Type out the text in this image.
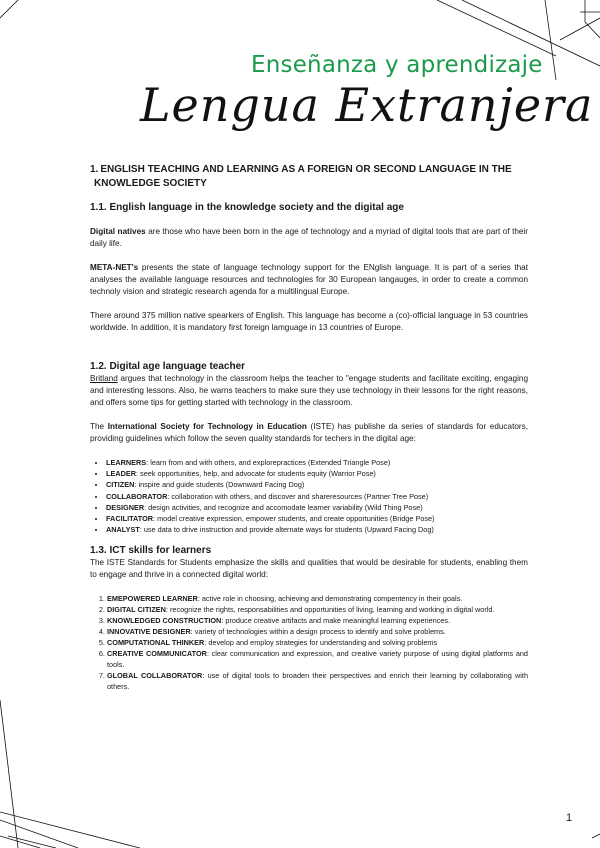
Enseñanza y aprendizaje
Lengua Extranjera
1. ENGLISH TEACHING AND LEARNING AS A FOREIGN OR SECOND LANGUAGE IN THE
KNOWLEDGE SOCIETY
1.1. English language in the knowledge society and the digital age

Digital natives are those who have been born in the age of technology and a myriad of digital tools that are part of their daily life.

META-NET's presents the state of language technology support for the ENglish language. It is part of a series that analyses the available language resources and technologies for 30 European langauges, in order to create a common technoly vision and strategic research agenda for a multilingual Europe.

There around 375 million native spearkers of English. This language has become a (co)-official language in 53 countries worldwide. In addition, it is mandatory first foreign lamguage in 13 countries of Europe.

1.2. Digital age language teacher

Britland argues that technology in the classroom helps the teacher to "engage students and facilitate exciting, engaging and interesting lessons. Also, he warns teachers to make sure they use technology in their lessons for the right reasons, and offers some tips for getting started with technology in the classroom.

The International Society for Technology in Education (ISTE) has publishe da series of standards for educators, providing guidelines which follow the seven quality standards for techers in the digital age:

• LEARNERS: learn from and with others, and explorepractices (Extended Triangle Pose)
• LEADER: seek opportunities, help, and advocate for students equity (Warrior Pose)
• CITIZEN: inspire and guide students (Downward Facing Dog)
• COLLABORATOR: collaboration with others, and discover and shareresources (Partner Tree Pose)
• DESIGNER: design activities, and recognize and accomodate learner variability (Wild Thing Pose)
• FACILITATOR: model creative expression, empower students, and create opportunities (Bridge Pose)
• ANALYST: use data to drive instruction and provide alternate ways for students (Upward Facing Dog)
1.3. ICT skills for learners

The ISTE Standards for Students emphasize the skills and qualities that would be desirable for students, enabling them to engage and thrive in a connected digital world:

1. EMEPOWERED LEARNER: active role in choosing, achieving and demonstrating compentency in their goals.
2. DIGITAL CITIZEN: recognize the rights, responsabilities and opportunities of living, learning and working in digital world.
3. KNOWLEDGED CONSTRUCTION: produce creative artifacts and make meaningful learning experiences.
4. INNOVATIVE DESIGNER: variety of technologies within a design process to identify and solve problems.
5. COMPUTATIONAL THINKER: develop and employ strategies for understanding and solving problems
6. CREATIVE COMMUNICATOR: clear communication and expression, and creative variety purpose of using digital platforms and tools.
7. GLOBAL COLLABORATOR: use of digital tools to broaden their perspectives and enrich their learning by collaborating with others.
1
